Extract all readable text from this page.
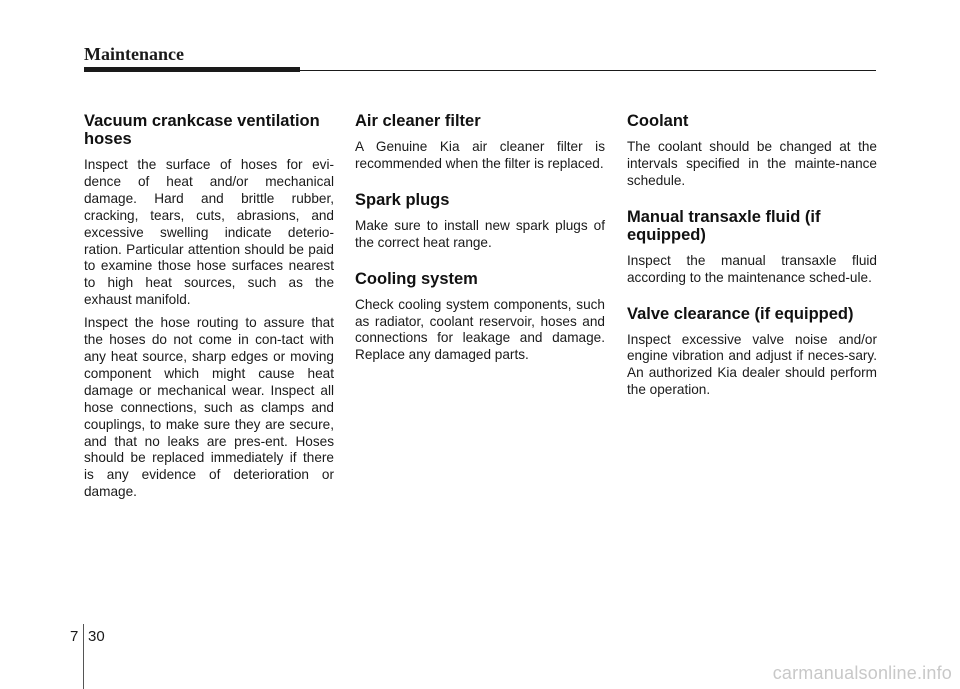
Maintenance
Vacuum crankcase ventilation hoses

Inspect the surface of hoses for evi-dence of heat and/or mechanical damage. Hard and brittle rubber, cracking, tears, cuts, abrasions, and excessive swelling indicate deterio-ration. Particular attention should be paid to examine those hose surfaces nearest to high heat sources, such as the exhaust manifold.

Inspect the hose routing to assure that the hoses do not come in con-tact with any heat source, sharp edges or moving component which might cause heat damage or mechanical wear. Inspect all hose connections, such as clamps and couplings, to make sure they are secure, and that no leaks are pres-ent. Hoses should be replaced immediately if there is any evidence of deterioration or damage.

Air cleaner filter

A Genuine Kia air cleaner filter is recommended when the filter is replaced.

Spark plugs

Make sure to install new spark plugs of the correct heat range.

Cooling system

Check cooling system components, such as radiator, coolant reservoir, hoses and connections for leakage and damage. Replace any damaged parts.

Coolant

The coolant should be changed at the intervals specified in the mainte-nance schedule.

Manual transaxle fluid (if equipped)

Inspect the manual transaxle fluid according to the maintenance sched-ule.

Valve clearance (if equipped)

Inspect excessive valve noise and/or engine vibration and adjust if neces-sary. An authorized Kia dealer should perform the operation.

7 30
carmanualsonline.info
